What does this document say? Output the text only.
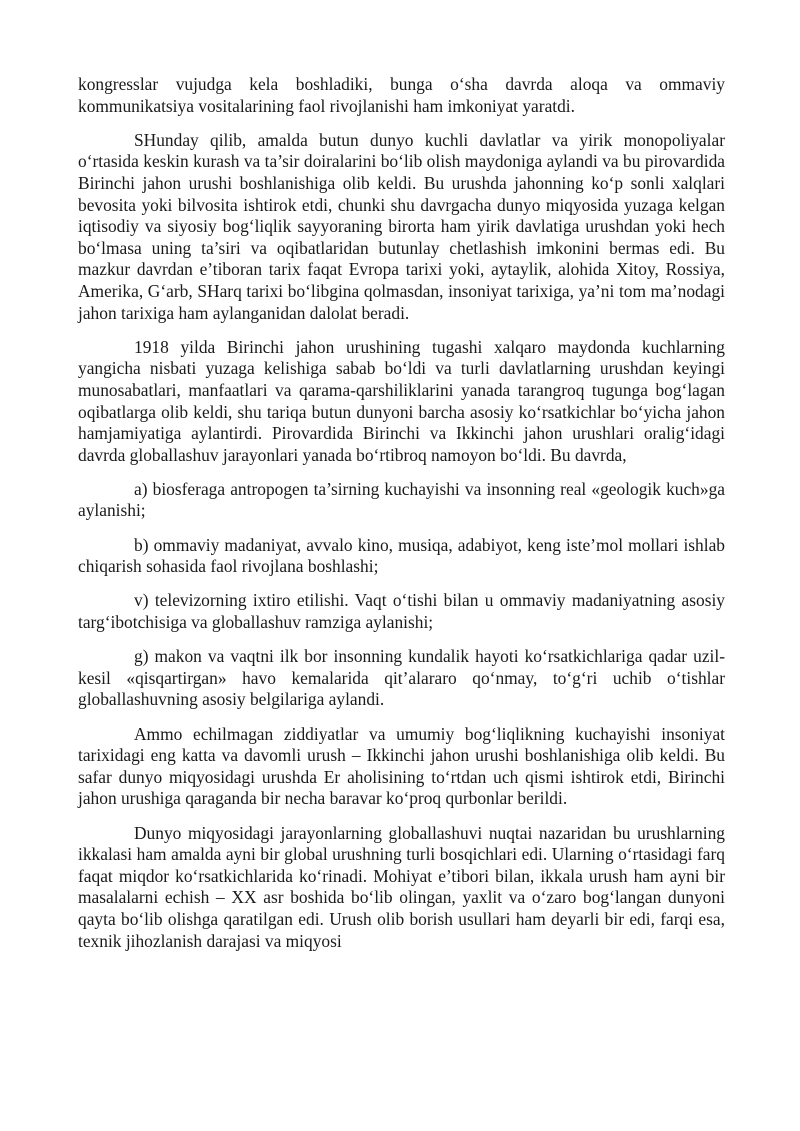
kongresslar vujudga kela boshladiki, bunga o‘sha davrda aloqa va ommaviy kommunikatsiya vositalarining faol rivojlanishi ham imkoniyat yaratdi.

SHunday qilib, amalda butun dunyo kuchli davlatlar va yirik monopoliyalar o‘rtasida keskin kurash va ta’sir doiralarini bo‘lib olish maydoniga aylandi va bu pirovardida Birinchi jahon urushi boshlanishiga olib keldi. Bu urushda jahonning ko‘p sonli xalqlari bevosita yoki bilvosita ishtirok etdi, chunki shu davrgacha dunyo miqyosida yuzaga kelgan iqtisodiy va siyosiy bog‘liqlik sayyoraning birorta ham yirik davlatiga urushdan yoki hech bo‘lmasa uning ta’siri va oqibatlaridan butunlay chetlashish imkonini bermas edi. Bu mazkur davrdan e’tiboran tarix faqat Evropa tarixi yoki, aytaylik, alohida Xitoy, Rossiya, Amerika, G‘arb, SHarq tarixi bo‘libgina qolmasdan, insoniyat tarixiga, ya’ni tom ma’nodagi jahon tarixiga ham aylanganidan dalolat beradi.

1918 yilda Birinchi jahon urushining tugashi xalqaro maydonda kuchlarning yangicha nisbati yuzaga kelishiga sabab bo‘ldi va turli davlatlarning urushdan keyingi munosabatlari, manfaatlari va qarama-qarshiliklarini yanada tarangroq tugunga bog‘lagan oqibatlarga olib keldi, shu tariqa butun dunyoni barcha asosiy ko‘rsatkichlar bo‘yicha jahon hamjamiyatiga aylantirdi. Pirovardida Birinchi va Ikkinchi jahon urushlari oralig‘idagi davrda globallashuv jarayonlari yanada bo‘rtibroq namoyon bo‘ldi. Bu davrda,

a) biosferaga antropogen ta’sirning kuchayishi va insonning real «geologik kuch»ga aylanishi;

b) ommaviy madaniyat, avvalo kino, musiqa, adabiyot, keng iste’mol mollari ishlab chiqarish sohasida faol rivojlana boshlashi;

v) televizorning ixtiro etilishi. Vaqt o‘tishi bilan u ommaviy madaniyatning asosiy targ‘ibotchisiga va globallashuv ramziga aylanishi;

g) makon va vaqtni ilk bor insonning kundalik hayoti ko‘rsatkichlariga qadar uzil-kesil «qisqartirgan» havo kemalarida qit’alararo qo‘nmay, to‘g‘ri uchib o‘tishlar globallashuvning asosiy belgilariga aylandi.

Ammo echilmagan ziddiyatlar va umumiy bog‘liqlikning kuchayishi insoniyat tarixidagi eng katta va davomli urush – Ikkinchi jahon urushi boshlanishiga olib keldi. Bu safar dunyo miqyosidagi urushda Er aholisining to‘rtdan uch qismi ishtirok etdi, Birinchi jahon urushiga qaraganda bir necha baravar ko‘proq qurbonlar berildi.

Dunyo miqyosidagi jarayonlarning globallashuvi nuqtai nazaridan bu urushlarning ikkalasi ham amalda ayni bir global urushning turli bosqichlari edi. Ularning o‘rtasidagi farq faqat miqdor ko‘rsatkichlarida ko‘rinadi. Mohiyat e’tibori bilan, ikkala urush ham ayni bir masalalarni echish – XX asr boshida bo‘lib olingan, yaxlit va o‘zaro bog‘langan dunyoni qayta bo‘lib olishga qaratilgan edi. Urush olib borish usullari ham deyarli bir edi, farqi esa, texnik jihozlanish darajasi va miqyosi
